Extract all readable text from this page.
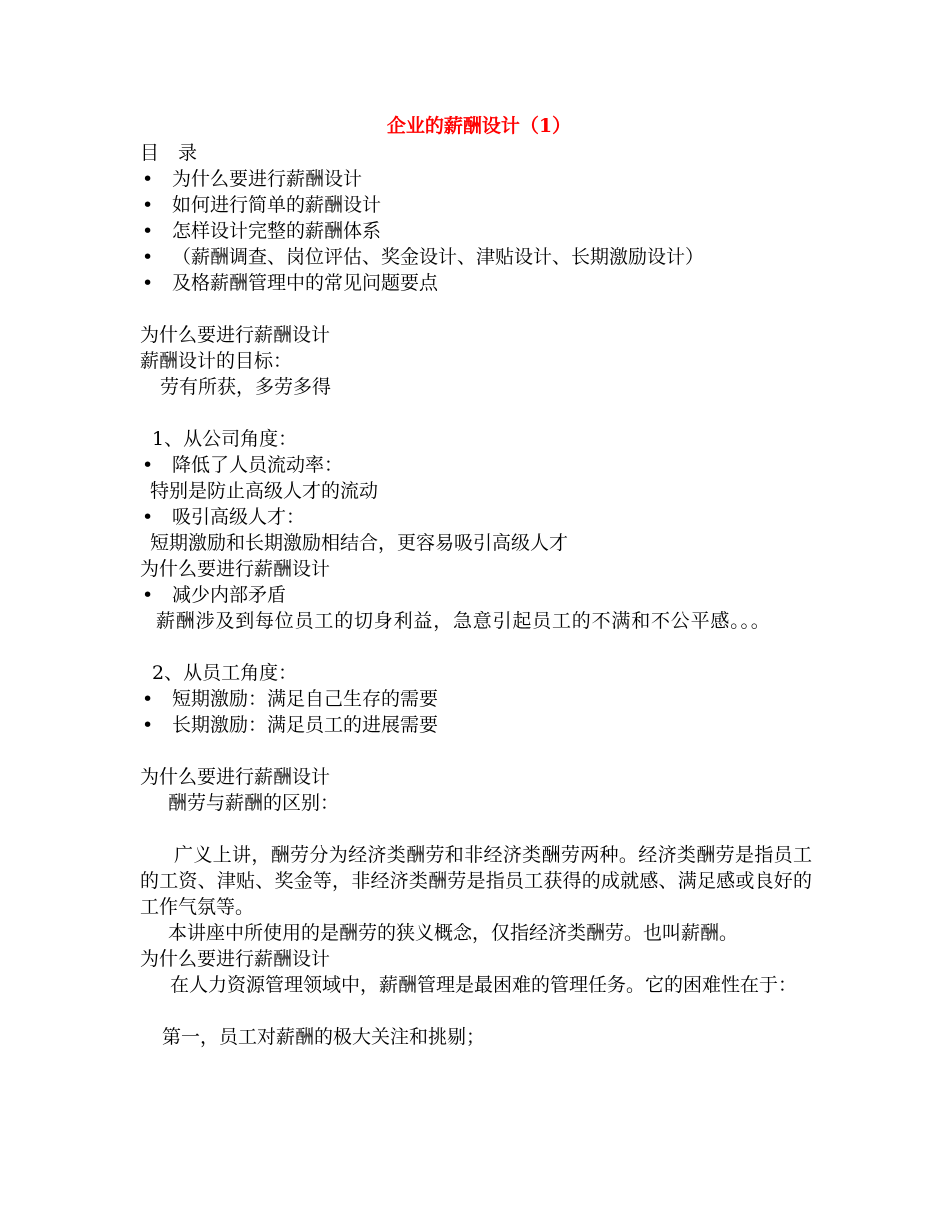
企业的薪酬设计（1）

目　录

• 为什么要进行薪酬设计
• 如何进行简单的薪酬设计
• 怎样设计完整的薪酬体系
• （薪酬调查、岗位评估、奖金设计、津贴设计、长期激励设计）
• 及格薪酬管理中的常见问题要点

为什么要进行薪酬设计

薪酬设计的目标：

劳有所获，多劳多得

1、从公司角度：

• 降低了人员流动率：

特别是防止高级人才的流动

• 吸引高级人才：

短期激励和长期激励相结合，更容易吸引高级人才

为什么要进行薪酬设计

• 减少内部矛盾

薪酬涉及到每位员工的切身利益，急意引起员工的不满和不公平感。。。

2、从员工角度：

• 短期激励：满足自己生存的需要
• 长期激励：满足员工的进展需要

为什么要进行薪酬设计

酬劳与薪酬的区别：

广义上讲，酬劳分为经济类酬劳和非经济类酬劳两种。经济类酬劳是指员工的工资、津贴、奖金等，非经济类酬劳是指员工获得的成就感、满足感或良好的工作气氛等。

本讲座中所使用的是酬劳的狭义概念，仅指经济类酬劳。也叫薪酬。

为什么要进行薪酬设计

在人力资源管理领域中，薪酬管理是最困难的管理任务。它的困难性在于：

第一，员工对薪酬的极大关注和挑剔；
